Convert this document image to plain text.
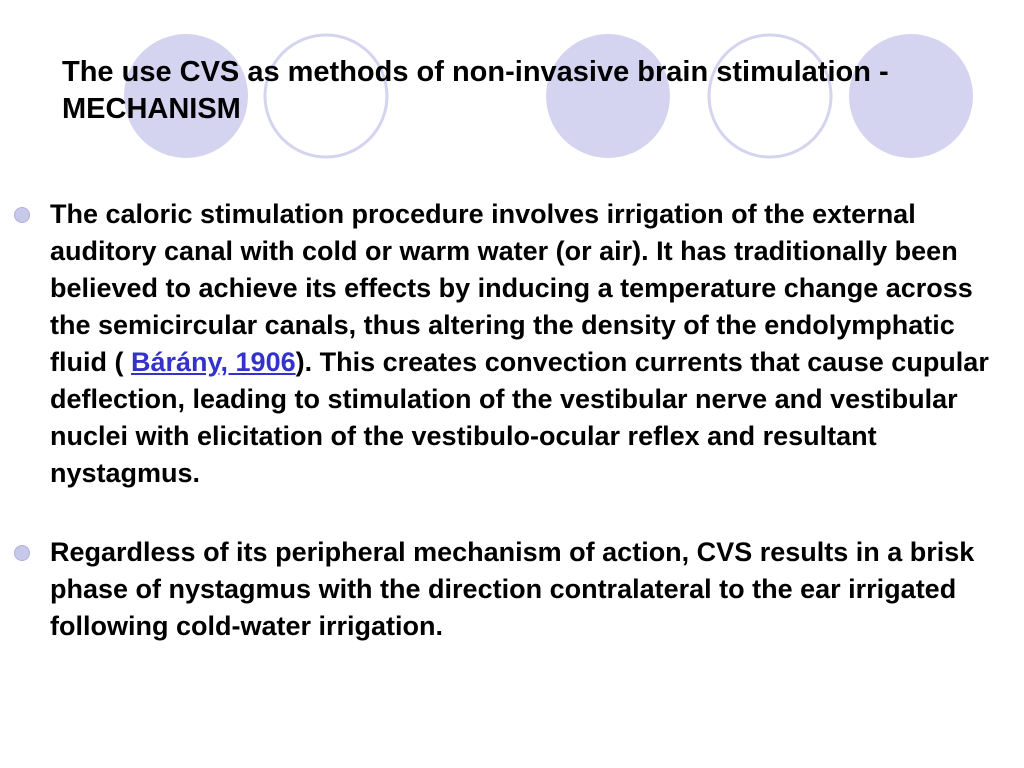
The use CVS as methods of non-invasive brain stimulation - MECHANISM
The caloric stimulation procedure involves irrigation of the external auditory canal with cold or warm water (or air). It has traditionally been believed to achieve its effects by inducing a temperature change across the semicircular canals, thus altering the density of the endolymphatic fluid ( Bárány, 1906). This creates convection currents that cause cupular deflection, leading to stimulation of the vestibular nerve and vestibular nuclei with elicitation of the vestibulo-ocular reflex and resultant nystagmus.
Regardless of its peripheral mechanism of action, CVS results in a brisk phase of nystagmus with the direction contralateral to the ear irrigated following cold-water irrigation.
